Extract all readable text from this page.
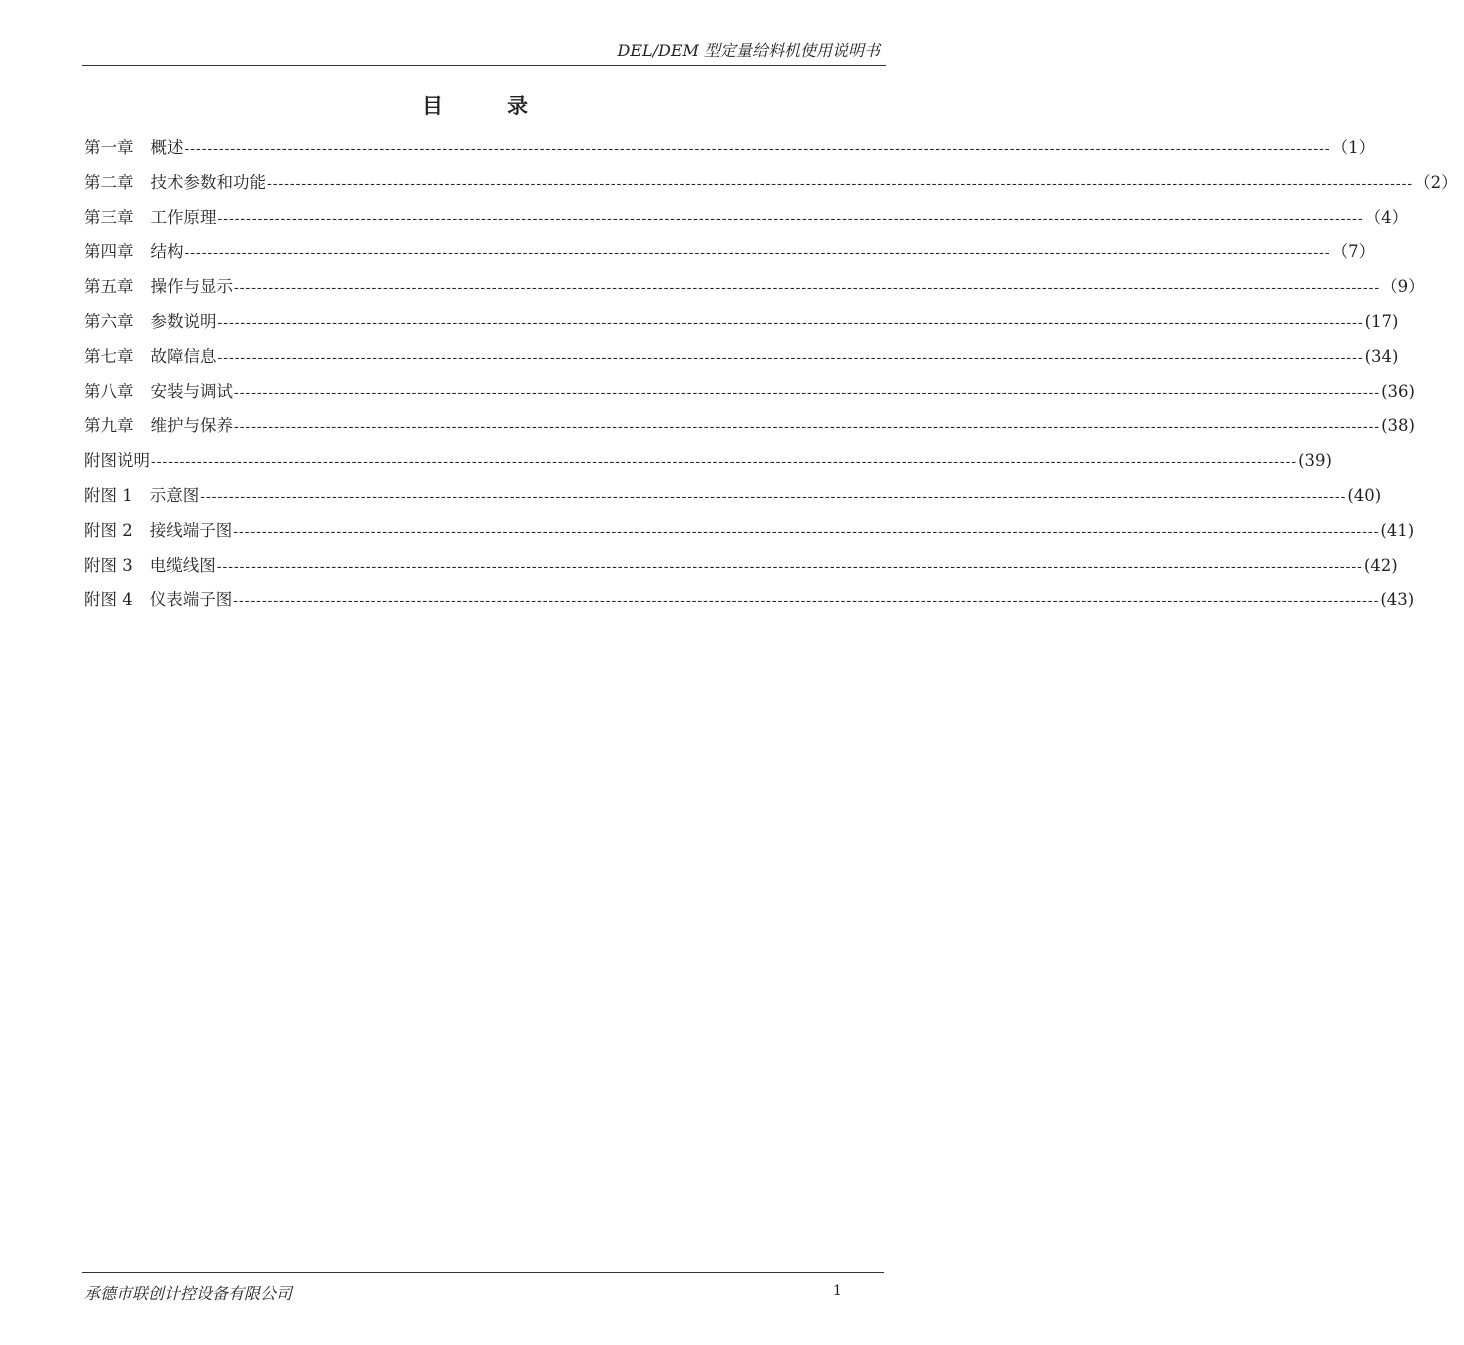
DEL/DEM 型定量给料机使用说明书
目录
第一章 概述 -------------------------------------------------------------------------------------------------------------------------------------------------------------------------------------------------------- （1）
第二章 技术参数和功能 -------------------------------------------------------------------------------------------------------------------------------------------------------------------------------------------------------- （2）
第三章 工作原理 -------------------------------------------------------------------------------------------------------------------------------------------------------------------------------------------------------- （4）
第四章 结构 -------------------------------------------------------------------------------------------------------------------------------------------------------------------------------------------------------- （7）
第五章 操作与显示 -------------------------------------------------------------------------------------------------------------------------------------------------------------------------------------------------------- （9）
第六章 参数说明 -------------------------------------------------------------------------------------------------------------------------------------------------------------------------------------------------------- (17)
第七章 故障信息 -------------------------------------------------------------------------------------------------------------------------------------------------------------------------------------------------------- (34)
第八章 安装与调试 -------------------------------------------------------------------------------------------------------------------------------------------------------------------------------------------------------- (36)
第九章 维护与保养 -------------------------------------------------------------------------------------------------------------------------------------------------------------------------------------------------------- (38)
附图说明 -------------------------------------------------------------------------------------------------------------------------------------------------------------------------------------------------------- (39)
附图 1 示意图 -------------------------------------------------------------------------------------------------------------------------------------------------------------------------------------------------------- (40)
附图 2 接线端子图 -------------------------------------------------------------------------------------------------------------------------------------------------------------------------------------------------------- (41)
附图 3 电缆线图 -------------------------------------------------------------------------------------------------------------------------------------------------------------------------------------------------------- (42)
附图 4 仪表端子图 -------------------------------------------------------------------------------------------------------------------------------------------------------------------------------------------------------- (43)
承德市联创计控设备有限公司	1
